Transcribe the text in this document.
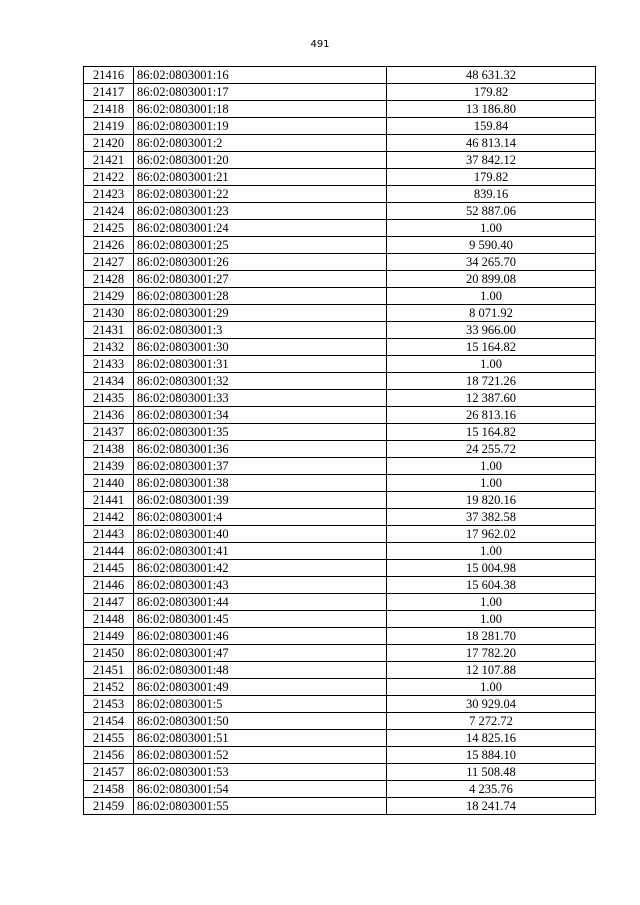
491
21416	86:02:0803001:16	48 631.32
21417	86:02:0803001:17	179.82
21418	86:02:0803001:18	13 186.80
21419	86:02:0803001:19	159.84
21420	86:02:0803001:2	46 813.14
21421	86:02:0803001:20	37 842.12
21422	86:02:0803001:21	179.82
21423	86:02:0803001:22	839.16
21424	86:02:0803001:23	52 887.06
21425	86:02:0803001:24	1.00
21426	86:02:0803001:25	9 590.40
21427	86:02:0803001:26	34 265.70
21428	86:02:0803001:27	20 899.08
21429	86:02:0803001:28	1.00
21430	86:02:0803001:29	8 071.92
21431	86:02:0803001:3	33 966.00
21432	86:02:0803001:30	15 164.82
21433	86:02:0803001:31	1.00
21434	86:02:0803001:32	18 721.26
21435	86:02:0803001:33	12 387.60
21436	86:02:0803001:34	26 813.16
21437	86:02:0803001:35	15 164.82
21438	86:02:0803001:36	24 255.72
21439	86:02:0803001:37	1.00
21440	86:02:0803001:38	1.00
21441	86:02:0803001:39	19 820.16
21442	86:02:0803001:4	37 382.58
21443	86:02:0803001:40	17 962.02
21444	86:02:0803001:41	1.00
21445	86:02:0803001:42	15 004.98
21446	86:02:0803001:43	15 604.38
21447	86:02:0803001:44	1.00
21448	86:02:0803001:45	1.00
21449	86:02:0803001:46	18 281.70
21450	86:02:0803001:47	17 782.20
21451	86:02:0803001:48	12 107.88
21452	86:02:0803001:49	1.00
21453	86:02:0803001:5	30 929.04
21454	86:02:0803001:50	7 272.72
21455	86:02:0803001:51	14 825.16
21456	86:02:0803001:52	15 884.10
21457	86:02:0803001:53	11 508.48
21458	86:02:0803001:54	4 235.76
21459	86:02:0803001:55	18 241.74
